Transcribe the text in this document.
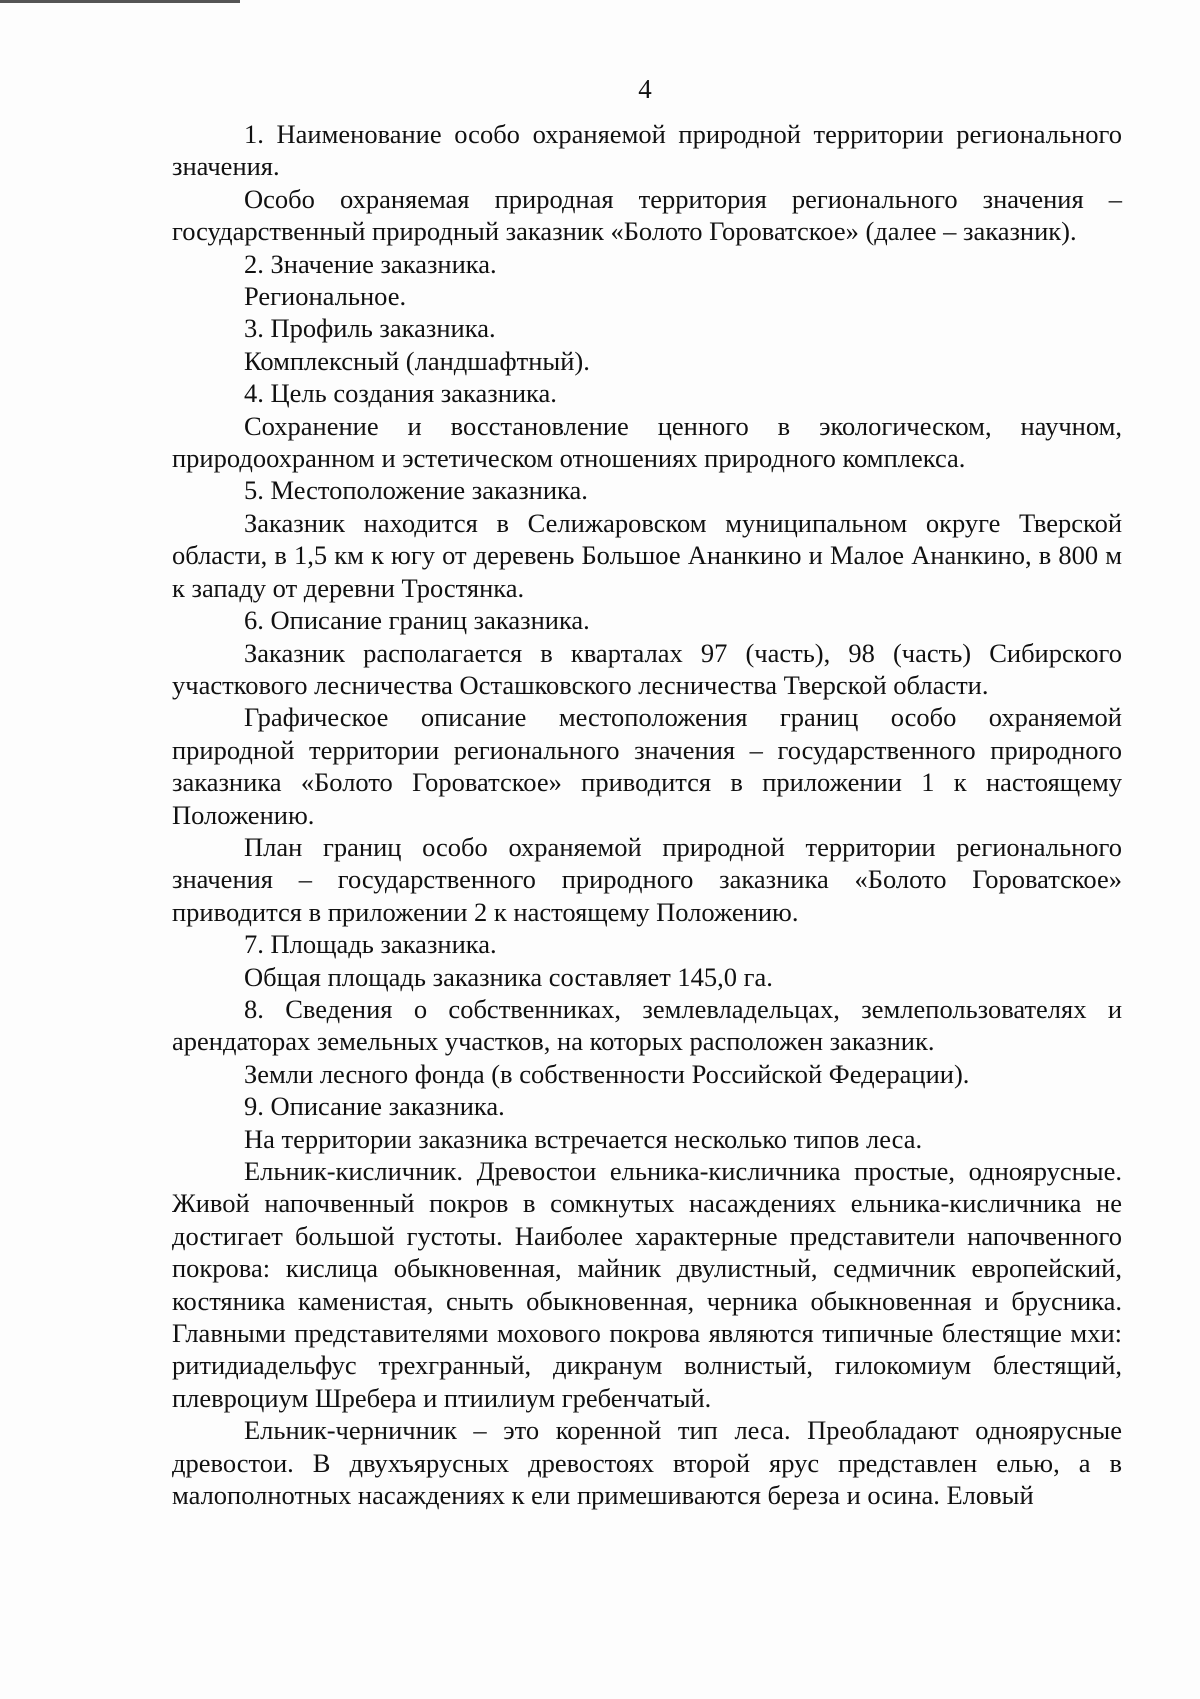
4

1. Наименование особо охраняемой природной территории регионального значения.

Особо охраняемая природная территория регионального значения – государственный природный заказник «Болото Гороватское» (далее – заказник).

2. Значение заказника.

Региональное.

3. Профиль заказника.

Комплексный (ландшафтный).

4. Цель создания заказника.

Сохранение и восстановление ценного в экологическом, научном, природоохранном и эстетическом отношениях природного комплекса.

5. Местоположение заказника.

Заказник находится в Селижаровском муниципальном округе Тверской области, в 1,5 км к югу от деревень Большое Ананкино и Малое Ананкино, в 800 м к западу от деревни Тростянка.

6. Описание границ заказника.

Заказник располагается в кварталах 97 (часть), 98 (часть) Сибирского участкового лесничества Осташковского лесничества Тверской области.

Графическое описание местоположения границ особо охраняемой природной территории регионального значения – государственного природного заказника «Болото Гороватское» приводится в приложении 1 к настоящему Положению.

План границ особо охраняемой природной территории регионального значения – государственного природного заказника «Болото Гороватское» приводится в приложении 2 к настоящему Положению.

7. Площадь заказника.

Общая площадь заказника составляет 145,0 га.

8. Сведения о собственниках, землевладельцах, землепользователях и арендаторах земельных участков, на которых расположен заказник.

Земли лесного фонда (в собственности Российской Федерации).

9. Описание заказника.

На территории заказника встречается несколько типов леса.

Ельник-кисличник. Древостои ельника-кисличника простые, одноярусные. Живой напочвенный покров в сомкнутых насаждениях ельника-кисличника не достигает большой густоты. Наиболее характерные представители напочвенного покрова: кислица обыкновенная, майник двулистный, седмичник европейский, костяника каменистая, сныть обыкновенная, черника обыкновенная и брусника. Главными представителями мохового покрова являются типичные блестящие мхи: ритидиадельфус трехгранный, дикранум волнистый, гилокомиум блестящий, плевроциум Шребера и птиилиум гребенчатый.

Ельник-черничник – это коренной тип леса. Преобладают одноярусные древостои. В двухъярусных древостоях второй ярус представлен елью, а в малополнотных насаждениях к ели примешиваются береза и осина. Еловый
